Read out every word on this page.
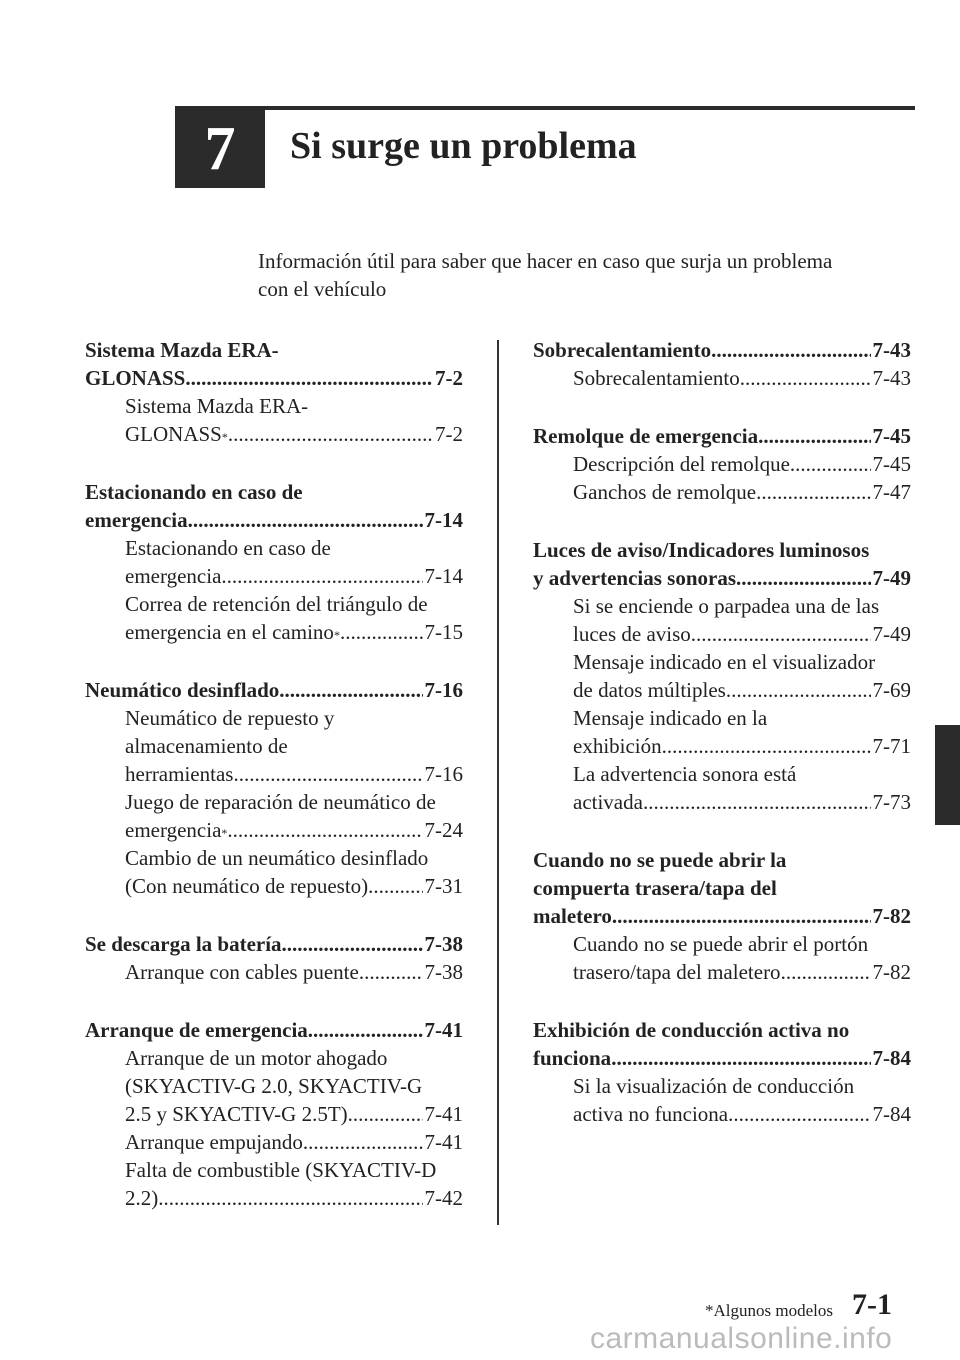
7 Si surge un problema
Información útil para saber que hacer en caso que surja un problema
con el vehículo
Sistema Mazda ERA-
GLONASS .....	7-2
Sistema Mazda ERA-
GLONASS * .....	7-2
Estacionando en caso de
emergencia .....	7-14
Estacionando en caso de
emergencia .....	7-14
Correa de retención del triángulo de
emergencia en el camino * .....	7-15
Neumático desinflado .....	7-16
Neumático de repuesto y
almacenamiento de
herramientas .....	7-16
Juego de reparación de neumático de
emergencia * .....	7-24
Cambio de un neumático desinflado
(Con neumático de repuesto) .....	7-31
Se descarga la batería .....	7-38
Arranque con cables puente .....	7-38
Arranque de emergencia .....	7-41
Arranque de un motor ahogado
(SKYACTIV-G 2.0, SKYACTIV-G
2.5 y SKYACTIV-G 2.5T) .....	7-41
Arranque empujando .....	7-41
Falta de combustible (SKYACTIV-D
2.2) .....	7-42
Sobrecalentamiento .....	7-43
Sobrecalentamiento .....	7-43
Remolque de emergencia .....	7-45
Descripción del remolque .....	7-45
Ganchos de remolque .....	7-47
Luces de aviso/Indicadores luminosos
y advertencias sonoras .....	7-49
Si se enciende o parpadea una de las
luces de aviso .....	7-49
Mensaje indicado en el visualizador
de datos múltiples .....	7-69
Mensaje indicado en la
exhibición .....	7-71
La advertencia sonora está
activada .....	7-73
Cuando no se puede abrir la
compuerta trasera/tapa del
maletero .....	7-82
Cuando no se puede abrir el portón
trasero/tapa del maletero .....	7-82
Exhibición de conducción activa no
funciona .....	7-84
Si la visualización de conducción
activa no funciona .....	7-84
*Algunos modelos 7-1
carmanualsonline.info
